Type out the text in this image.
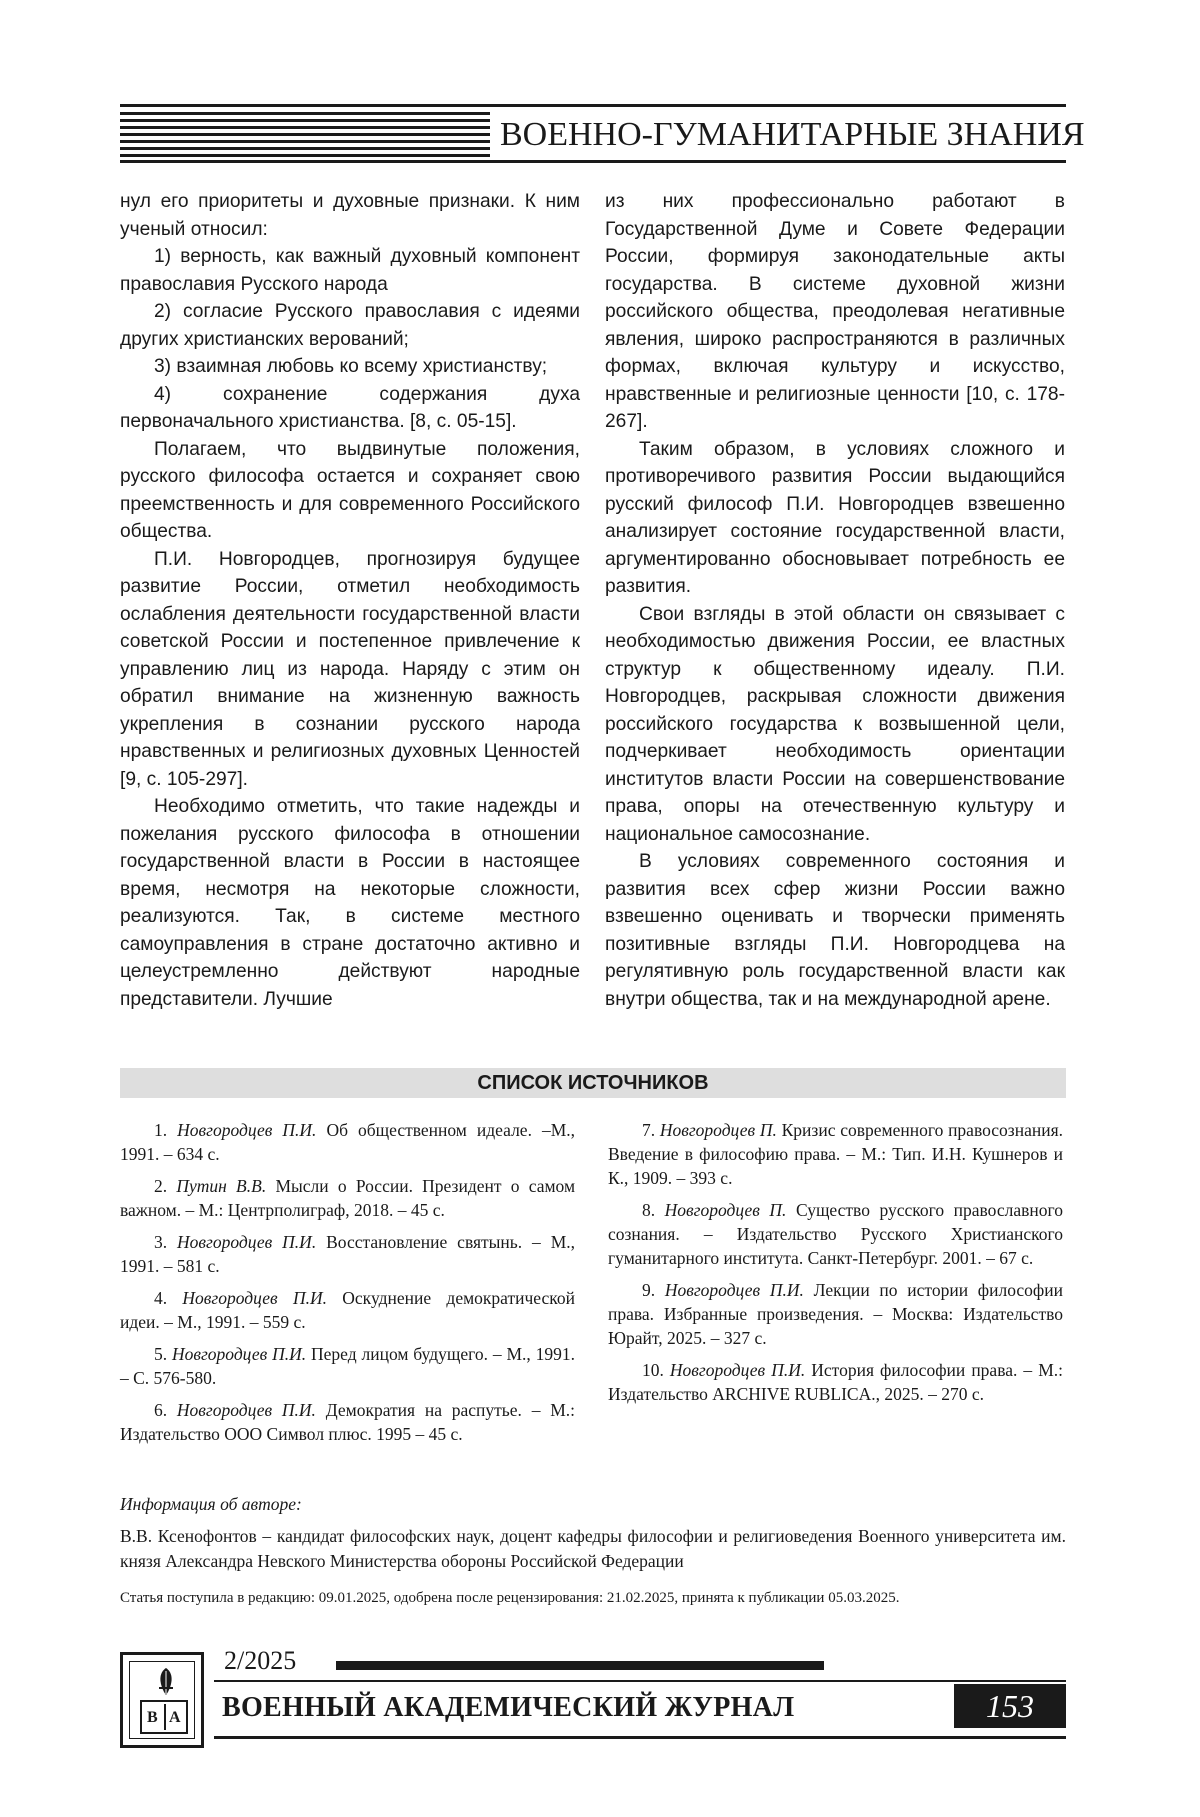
ВОЕННО-ГУМАНИТАРНЫЕ ЗНАНИЯ

нул его приоритеты и духовные признаки. К ним ученый относил:

1) верность, как важный духовный компонент православия Русского народа

2) согласие Русского православия с идеями других христианских верований;

3) взаимная любовь ко всему христианству;

4) сохранение содержания духа первоначального христианства. [8, с. 05-15].

Полагаем, что выдвинутые положения, русского философа остается и сохраняет свою преемственность и для современного Российского общества.

П.И. Новгородцев, прогнозируя будущее развитие России, отметил необходимость ослабления деятельности государственной власти советской России и постепенное привлечение к управлению лиц из народа. Наряду с этим он обратил внимание на жизненную важность укрепления в сознании русского народа нравственных и религиозных духовных Ценностей [9, с. 105-297].

Необходимо отметить, что такие надежды и пожелания русского философа в отношении государственной власти в России в настоящее время, несмотря на некоторые сложности, реализуются. Так, в системе местного самоуправления в стране достаточно активно и целеустремленно действуют народные представители. Лучшие

из них профессионально работают в Государственной Думе и Совете Федерации России, формируя законодательные акты государства. В системе духовной жизни российского общества, преодолевая негативные явления, широко распространяются в различных формах, включая культуру и искусство, нравственные и религиозные ценности [10, с. 178-267].

Таким образом, в условиях сложного и противоречивого развития России выдающийся русский философ П.И. Новгородцев взвешенно анализирует состояние государственной власти, аргументированно обосновывает потребность ее развития.

Свои взгляды в этой области он связывает с необходимостью движения России, ее властных структур к общественному идеалу. П.И. Новгородцев, раскрывая сложности движения российского государства к возвышенной цели, подчеркивает необходимость ориентации институтов власти России на совершенствование права, опоры на отечественную культуру и национальное самосознание.

В условиях современного состояния и развития всех сфер жизни России важно взвешенно оценивать и творчески применять позитивные взгляды П.И. Новгородцева на регулятивную роль государственной власти как внутри общества, так и на международной арене.

СПИСОК ИСТОЧНИКОВ

1. Новгородцев П.И. Об общественном идеале. –М., 1991. – 634 с.

2. Путин В.В. Мысли о России. Президент о самом важном. – М.: Центрполиграф, 2018. – 45 с.

3. Новгородцев П.И. Восстановление святынь. – М., 1991. – 581 с.

4. Новгородцев П.И. Оскуднение демократической идеи. – М., 1991. – 559 с.

5. Новгородцев П.И. Перед лицом будущего. – М., 1991. – С. 576-580.

6. Новгородцев П.И. Демократия на распутье. – М.: Издательство ООО Символ плюс. 1995 – 45 с.

7. Новгородцев П. Кризис современного правосознания. Введение в философию права. – М.: Тип. И.Н. Кушнеров и К., 1909. – 393 с.

8. Новгородцев П. Существо русского православного сознания. – Издательство Русского Христианского гуманитарного института. Санкт-Петербург. 2001. – 67 с.

9. Новгородцев П.И. Лекции по истории философии права. Избранные произведения. – Москва: Издательство Юрайт, 2025. – 327 с.

10. Новгородцев П.И. История философии права. – М.: Издательство ARCHIVE RUBLICA., 2025. – 270 с.

Информация об авторе:
В.В. Ксенофонтов – кандидат философских наук, доцент кафедры философии и религиоведения Военного университета им. князя Александра Невского Министерства обороны Российской Федерации
Статья поступила в редакцию: 09.01.2025, одобрена после рецензирования: 21.02.2025, принята к публикации 05.03.2025.
В А
2/2025
ВОЕННЫЙ АКАДЕМИЧЕСКИЙ ЖУРНАЛ	153
